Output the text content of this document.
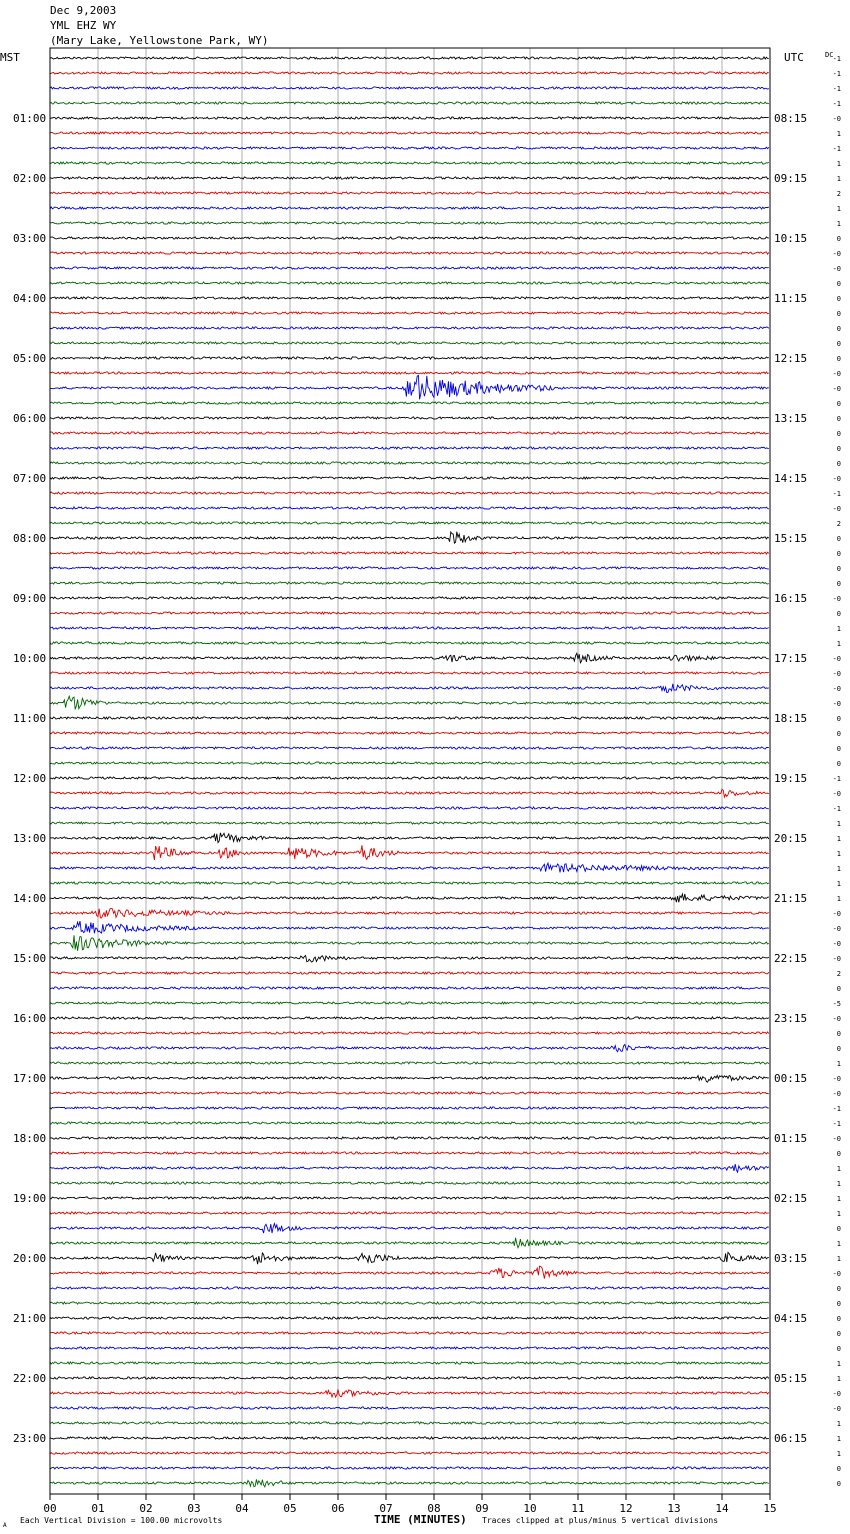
Dec 9,2003
YML EHZ WY
(Mary Lake, Yellowstone Park, WY)
00	01	02	03	04	05	06	07	08	09	10	11	12	13	14	15
-1
-1
-1
-1
-0
1
-1
1
1
2
1
1
0
-0
-0
0
0
0
0
0
0
-0
-0
0
0
0
0
0
-0
-1
-0
2
0
0
0
0
-0
0
1
1
-0
-0
-0
-0
0
0
0
0
-1
-0
-1
1
1
1
1
1
1
-0
-0
-0
-0
2
0
-5
-0
0
0
1
-0
-0
-1
-1
-0
0
1
1
1
1
0
1
1
-0
0
0
0
0
0
1
1
-0
-0
1
1
1
0
0
01:00
02:00
03:00
04:00
05:00
06:00
07:00
08:00
09:00
10:00
11:00
12:00
13:00
14:00
15:00
16:00
17:00
18:00
19:00
20:00
21:00
22:00
23:00
08:15
09:15
10:15
11:15
12:15
13:15
14:15
15:15
16:15
17:15
18:15
19:15
20:15
21:15
22:15
23:15
00:15
01:15
02:15
03:15
04:15
05:15
06:15
MST	UTC	DC
TIME (MINUTES)
Each Vertical Division = 100.00 microvolts	Traces clipped at plus/minus 5 vertical divisions
A
